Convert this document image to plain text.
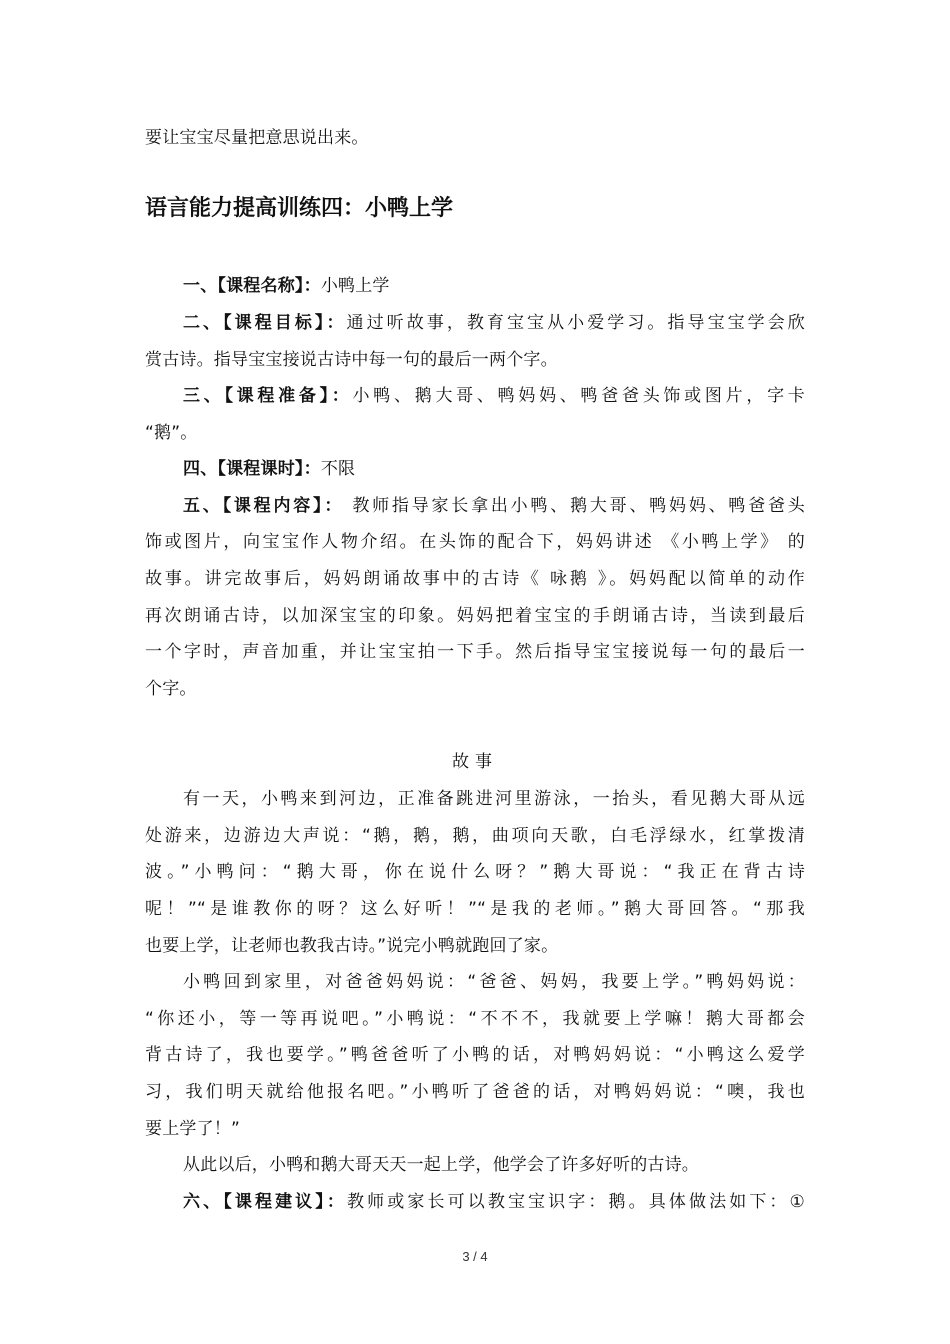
要让宝宝尽量把意思说出来。
语言能力提高训练四：小鸭上学
一、【课程名称】：小鸭上学
二、【课程目标】：通过听故事，教育宝宝从小爱学习。指导宝宝学会欣
赏古诗。指导宝宝接说古诗中每一句的最后一两个字。
三、【课程准备】：小鸭、鹅大哥、鸭妈妈、鸭爸爸头饰或图片，字卡
“鹅”。
四、【课程课时】：不限
五、【课程内容】： 教师指导家长拿出小鸭、鹅大哥、鸭妈妈、鸭爸爸头
饰或图片，向宝宝作人物介绍。在头饰的配合下，妈妈讲述 《小鸭上学》 的
故事。讲完故事后，妈妈朗诵故事中的古诗《 咏鹅 》。妈妈配以简单的动作
再次朗诵古诗，以加深宝宝的印象。妈妈把着宝宝的手朗诵古诗，当读到最后
一个字时，声音加重，并让宝宝拍一下手。然后指导宝宝接说每一句的最后一
个字。
故事
有一天，小鸭来到河边，正准备跳进河里游泳，一抬头，看见鹅大哥从远
处游来，边游边大声说：“鹅，鹅，鹅，曲项向天歌，白毛浮绿水，红掌拨清
波。”小鸭问：“鹅大哥，你在说什么呀？”鹅大哥说：“我正在背古诗
呢！”“是谁教你的呀？这么好听！”“是我的老师。”鹅大哥回答。“那我
也要上学，让老师也教我古诗。”说完小鸭就跑回了家。
小鸭回到家里，对爸爸妈妈说：“爸爸、妈妈，我要上学。”鸭妈妈说：
“你还小，等一等再说吧。”小鸭说：“不不不，我就要上学嘛！鹅大哥都会
背古诗了，我也要学。”鸭爸爸听了小鸭的话，对鸭妈妈说：“小鸭这么爱学
习，我们明天就给他报名吧。”小鸭听了爸爸的话，对鸭妈妈说：“噢，我也
要上学了！”
从此以后，小鸭和鹅大哥天天一起上学，他学会了许多好听的古诗。
六、【课程建议】：教师或家长可以教宝宝识字：鹅。具体做法如下：①
3 / 4
